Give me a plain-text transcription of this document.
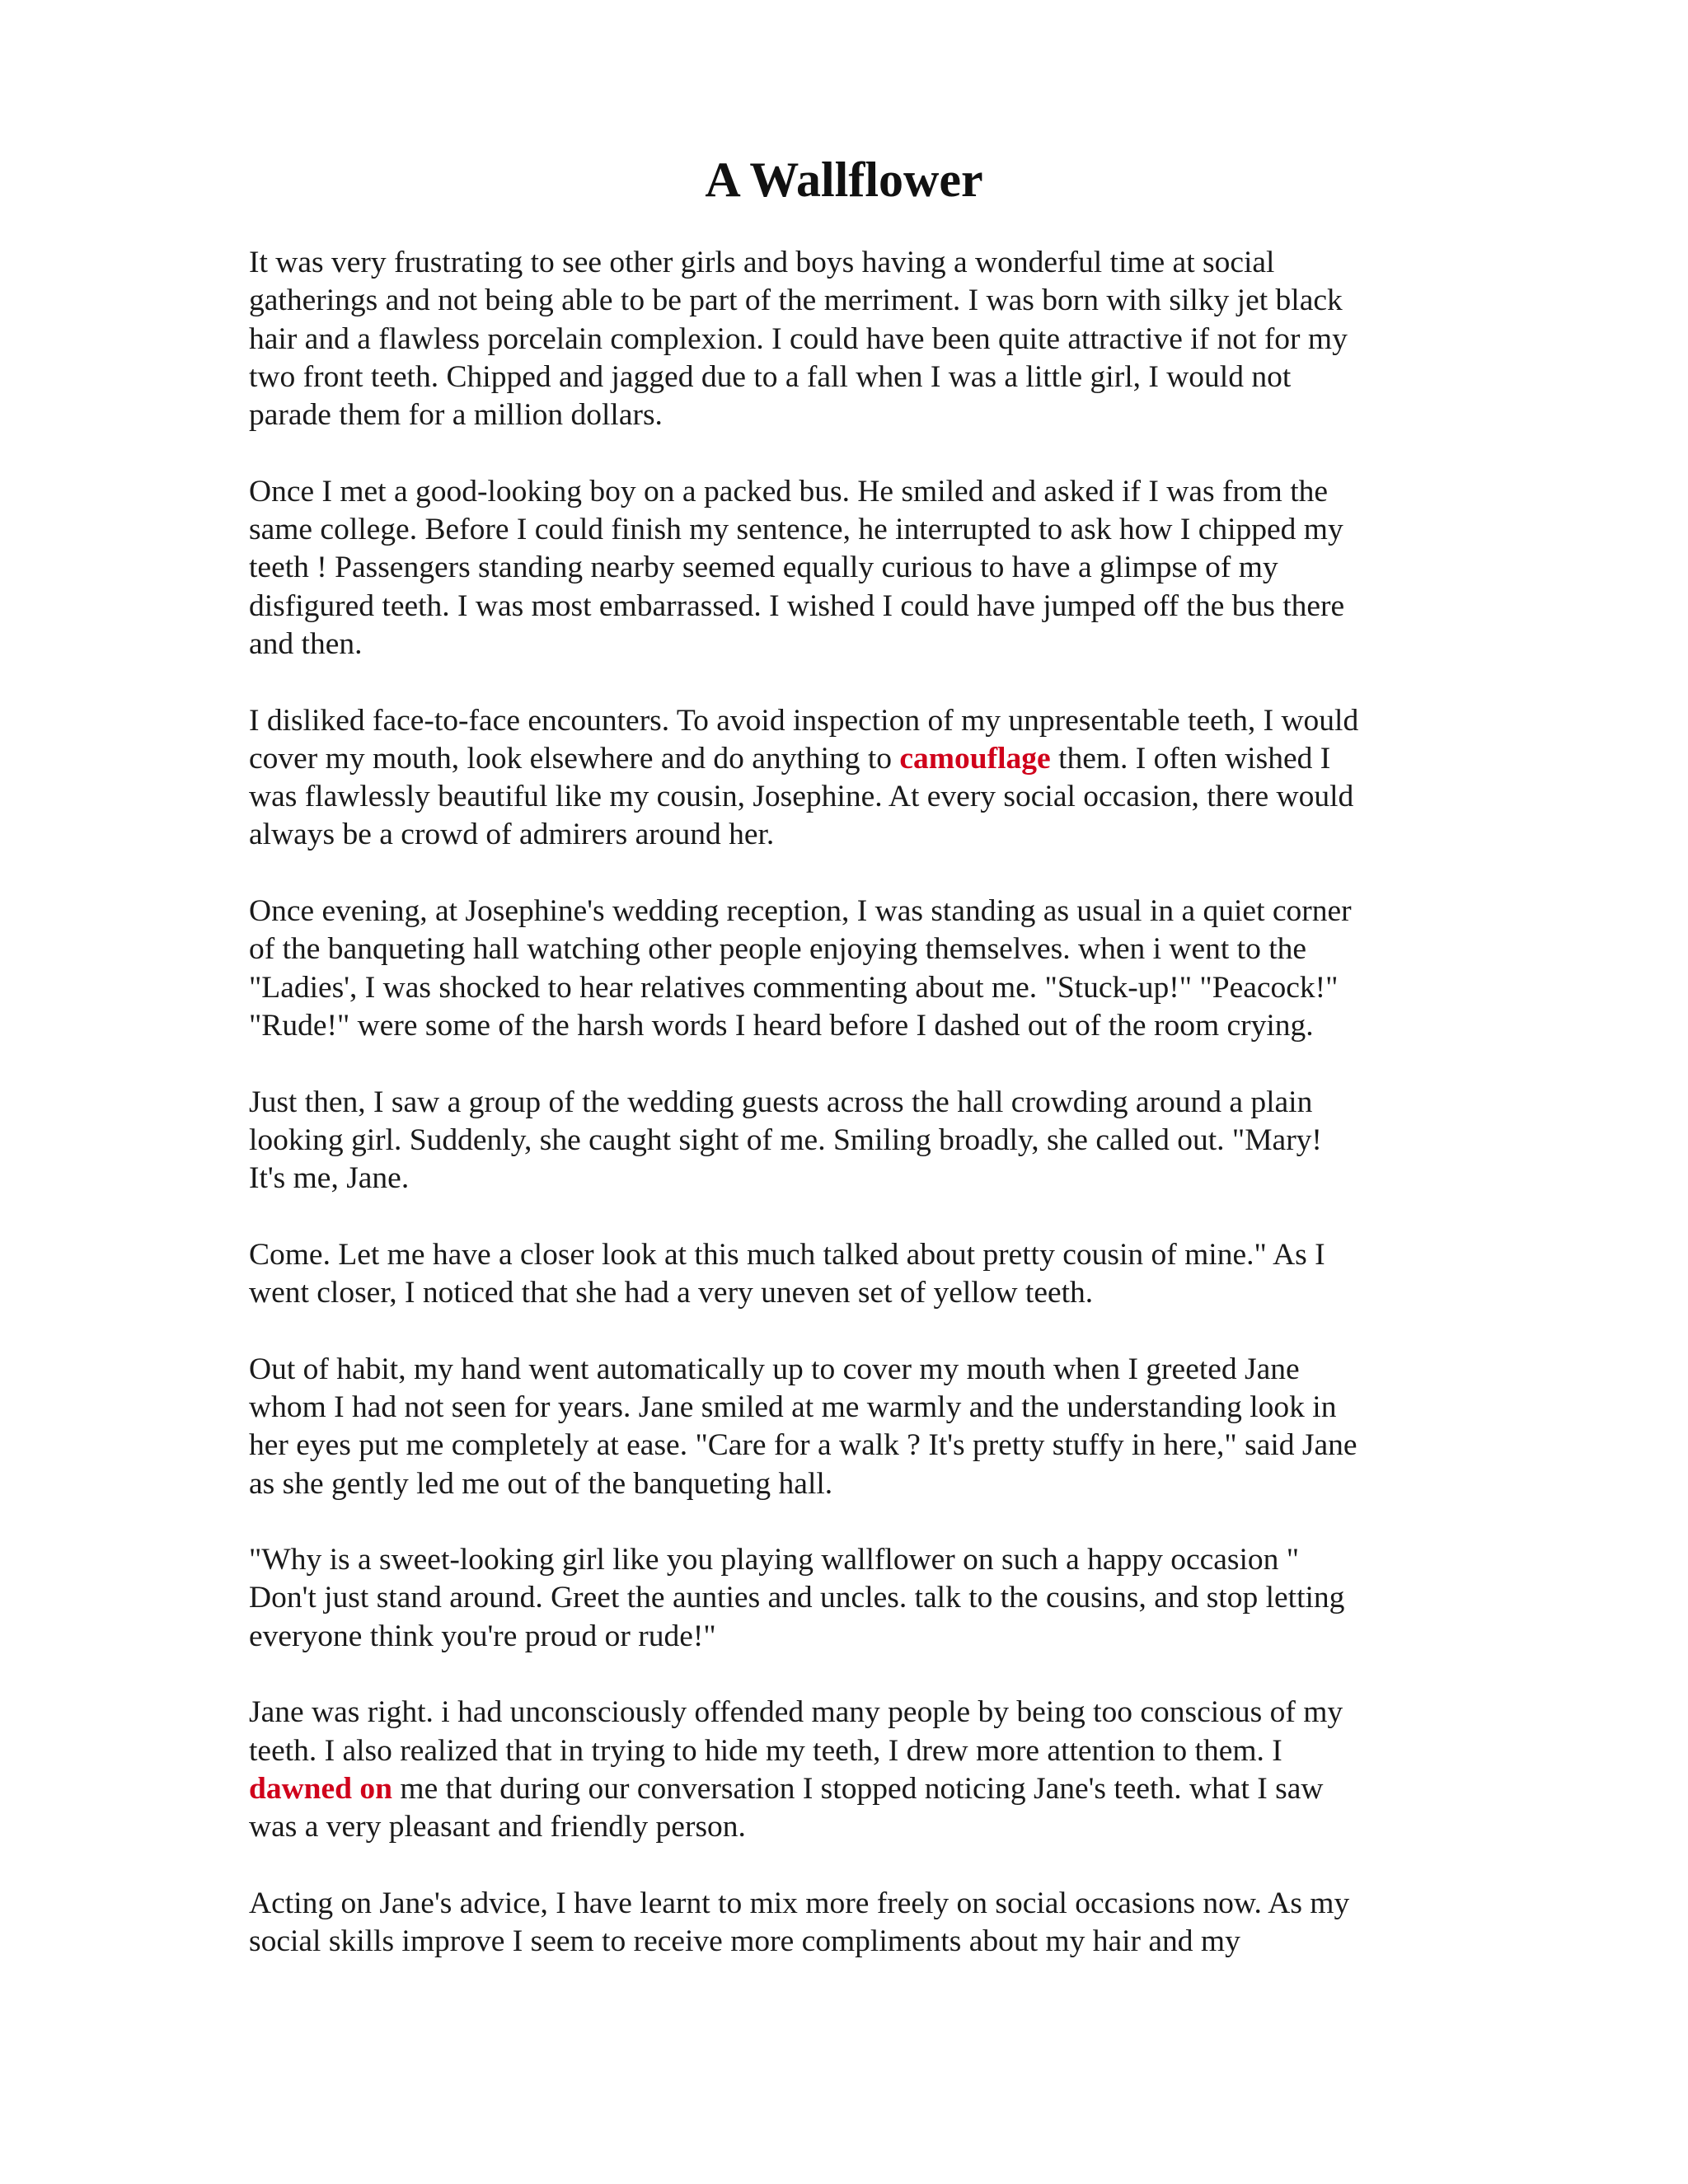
A Wallflower

It was very frustrating to see other girls and boys having a wonderful time at social
gatherings and not being able to be part of the merriment. I was born with silky jet black
hair and a flawless porcelain complexion. I could have been quite attractive if not for my
two front teeth. Chipped and jagged due to a fall when I was a little girl, I would not
parade them for a million dollars.

Once I met a good-looking boy on a packed bus. He smiled and asked if I was from the
same college. Before I could finish my sentence, he interrupted to ask how I chipped my
teeth ! Passengers standing nearby seemed equally curious to have a glimpse of my
disfigured teeth. I was most embarrassed. I wished I could have jumped off the bus there
and then.

I disliked face-to-face encounters. To avoid inspection of my unpresentable teeth, I would
cover my mouth, look elsewhere and do anything to camouflage them. I often wished I
was flawlessly beautiful like my cousin, Josephine. At every social occasion, there would
always be a crowd of admirers around her.

Once evening, at Josephine's wedding reception, I was standing as usual in a quiet corner
of the banqueting hall watching other people enjoying themselves. when i went to the
"Ladies', I was shocked to hear relatives commenting about me. "Stuck-up!" "Peacock!"
"Rude!" were some of the harsh words I heard before I dashed out of the room crying.

Just then, I saw a group of the wedding guests across the hall crowding around a plain
looking girl. Suddenly, she caught sight of me. Smiling broadly, she called out. "Mary!
It's me, Jane.

Come. Let me have a closer look at this much talked about pretty cousin of mine." As I
went closer, I noticed that she had a very uneven set of yellow teeth.

Out of habit, my hand went automatically up to cover my mouth when I greeted Jane
whom I had not seen for years. Jane smiled at me warmly and the understanding look in
her eyes put me completely at ease. "Care for a walk ? It's pretty stuffy in here," said Jane
as she gently led me out of the banqueting hall.

"Why is a sweet-looking girl like you playing wallflower on such a happy occasion "
Don't just stand around. Greet the aunties and uncles. talk to the cousins, and stop letting
everyone think you're proud or rude!"

Jane was right. i had unconsciously offended many people by being too conscious of my
teeth. I also realized that in trying to hide my teeth, I drew more attention to them. I
dawned on me that during our conversation I stopped noticing Jane's teeth. what I saw
was a very pleasant and friendly person.

Acting on Jane's advice, I have learnt to mix more freely on social occasions now. As my
social skills improve I seem to receive more compliments about my hair and my
